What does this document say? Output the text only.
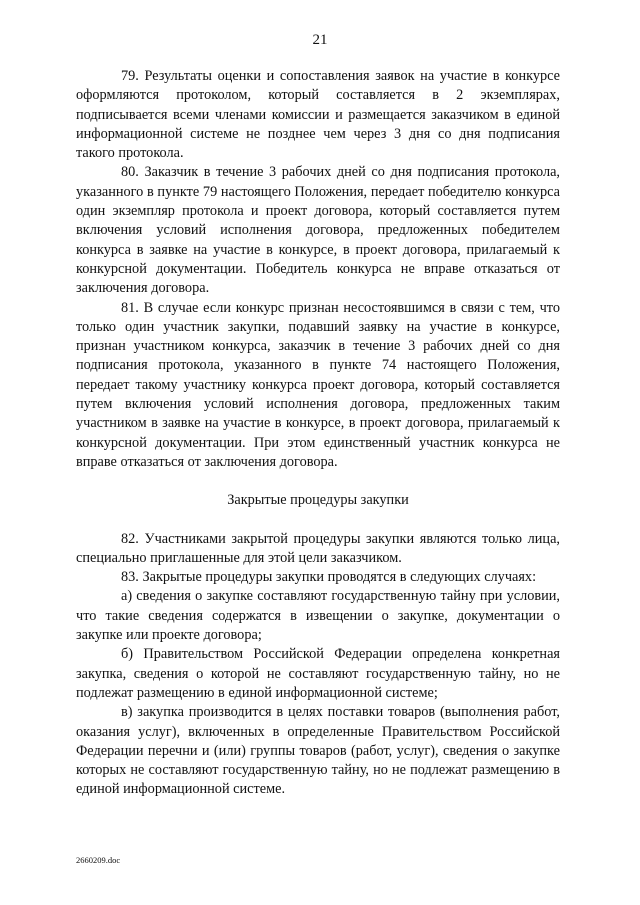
21

79. Результаты оценки и сопоставления заявок на участие в конкурсе оформляются протоколом, который составляется в 2 экземплярах, подписывается всеми членами комиссии и размещается заказчиком в единой информационной системе не позднее чем через 3 дня со дня подписания такого протокола.

80. Заказчик в течение 3 рабочих дней со дня подписания протокола, указанного в пункте 79 настоящего Положения, передает победителю конкурса один экземпляр протокола и проект договора, который составляется путем включения условий исполнения договора, предложенных победителем конкурса в заявке на участие в конкурсе, в проект договора, прилагаемый к конкурсной документации. Победитель конкурса не вправе отказаться от заключения договора.

81. В случае если конкурс признан несостоявшимся в связи с тем, что только один участник закупки, подавший заявку на участие в конкурсе, признан участником конкурса, заказчик в течение 3 рабочих дней со дня подписания протокола, указанного в пункте 74 настоящего Положения, передает такому участнику конкурса проект договора, который составляется путем включения условий исполнения договора, предложенных таким участником в заявке на участие в конкурсе, в проект договора, прилагаемый к конкурсной документации. При этом единственный участник конкурса не вправе отказаться от заключения договора.

Закрытые процедуры закупки

82. Участниками закрытой процедуры закупки являются только лица, специально приглашенные для этой цели заказчиком.

83. Закрытые процедуры закупки проводятся в следующих случаях:

а) сведения о закупке составляют государственную тайну при условии, что такие сведения содержатся в извещении о закупке, документации о закупке или проекте договора;

б) Правительством Российской Федерации определена конкретная закупка, сведения о которой не составляют государственную тайну, но не подлежат размещению в единой информационной системе;

в) закупка производится в целях поставки товаров (выполнения работ, оказания услуг), включенных в определенные Правительством Российской Федерации перечни и (или) группы товаров (работ, услуг), сведения о закупке которых не составляют государственную тайну, но не подлежат размещению в единой информационной системе.

2660209.doc
